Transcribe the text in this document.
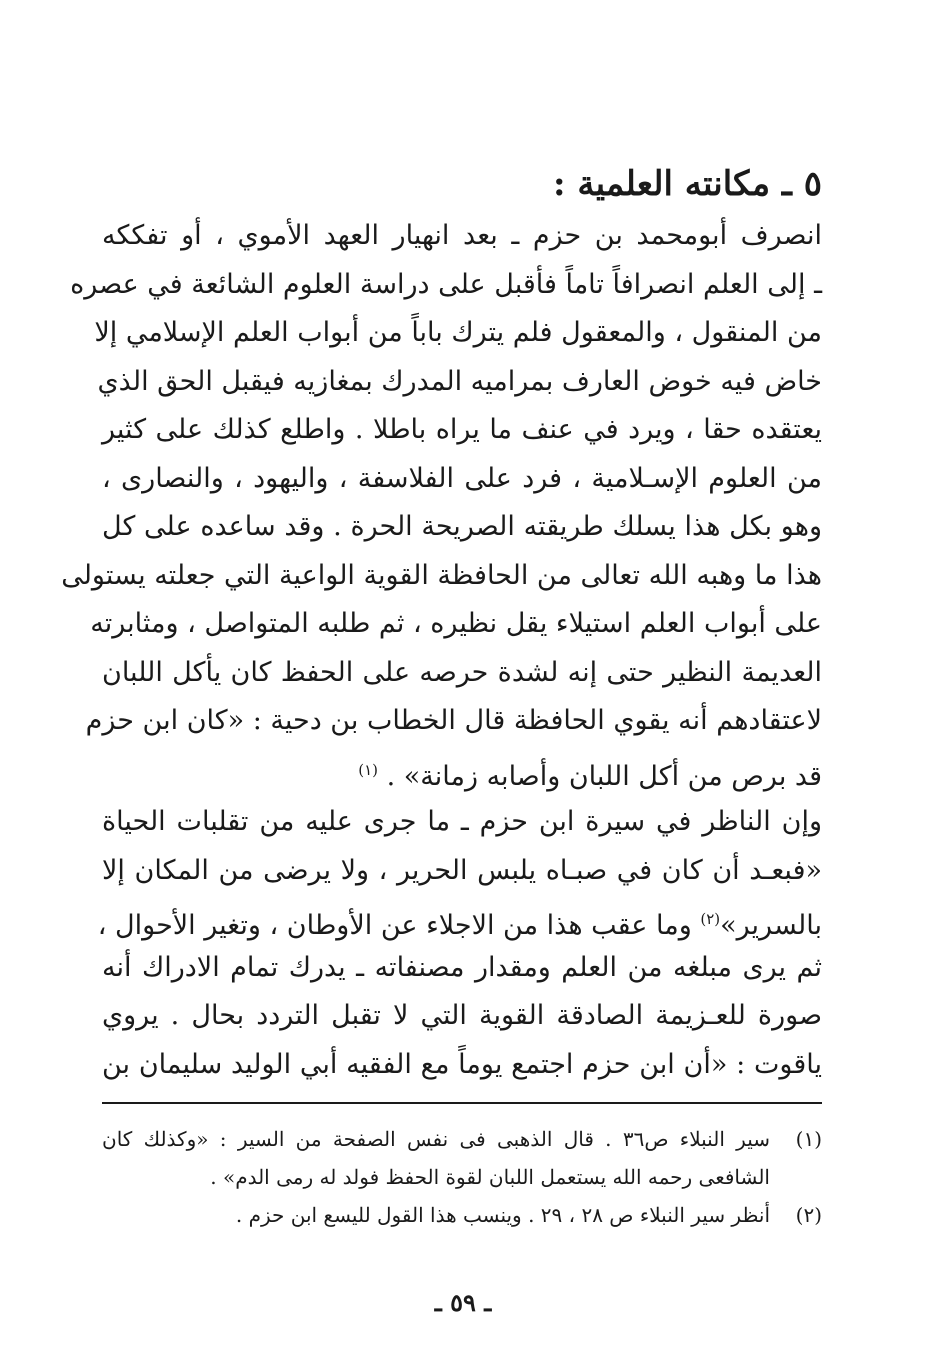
٥ ـ مكانته العلمية :
انصرف أبومحمد بن حزم ـ بعد انهيار العهد الأموي ، أو تفككه
ـ إلى العلم انصرافاً تاماً فأقبل على دراسة العلوم الشائعة في عصره
من المنقول ، والمعقول فلم يترك باباً من أبواب العلم الإسلامي إلا
خاض فيه خوض العارف بمراميه المدرك بمغازيه فيقبل الحق الذي
يعتقده حقا ، ويرد في عنف ما يراه باطلا . واطلع كذلك على كثير
من العلوم الإسـلامية ، فرد على الفلاسفة ، واليهود ، والنصارى ،
وهو بكل هذا يسلك طريقته الصريحة الحرة . وقد ساعده على كل
هذا ما وهبه الله تعالى من الحافظة القوية الواعية التي جعلته يستولى
على أبواب العلم استيلاء يقل نظيره ، ثم طلبه المتواصل ، ومثابرته
العديمة النظير حتى إنه لشدة حرصه على الحفظ كان يأكل اللبان
لاعتقادهم أنه يقوي الحافظة قال الخطاب بن دحية : «كان ابن حزم
قد برص من أكل اللبان وأصابه زمانة» . $^{(١)}$
وإن الناظر في سيرة ابن حزم ـ ما جرى عليه من تقلبات الحياة
«فبعـد أن كان في صبـاه يلبس الحرير ، ولا يرضى من المكان إلا
بالسرير»$^{(٢)}$ وما عقب هذا من الاجلاء عن الأوطان ، وتغير الأحوال ،
ثم يرى مبلغه من العلم ومقدار مصنفاته ـ يدرك تمام الادراك أنه
صورة للعـزيمة الصادقة القوية التي لا تقبل التردد بحال . يروي
ياقوت : «أن ابن حزم اجتمع يوماً مع الفقيه أبي الوليد سليمان بن
(١)
سير النبلاء ص٣٦ . قال الذهبى فى نفس الصفحة من السير : «وكذلك كان
الشافعى رحمه الله يستعمل اللبان لقوة الحفظ فولد له رمى الدم» .
(٢)
أنظر سير النبلاء ص ٢٨ ، ٢٩ . وينسب هذا القول لليسع ابن حزم .
ـ ٥٩ ـ
